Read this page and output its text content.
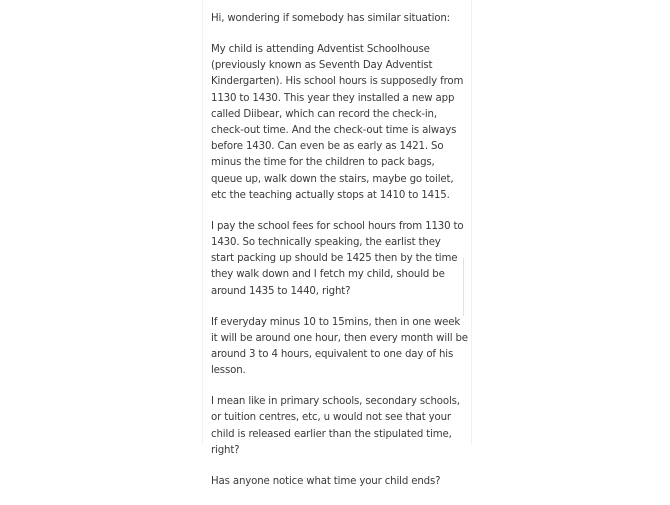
Hi, wondering if somebody has similar situation:

My child is attending Adventist Schoolhouse
(previously known as Seventh Day Adventist
Kindergarten). His school hours is supposedly from
1130 to 1430. This year they installed a new app
called Diibear, which can record the check-in,
check-out time. And the check-out time is always
before 1430. Can even be as early as 1421. So
minus the time for the children to pack bags,
queue up, walk down the stairs, maybe go toilet,
etc the teaching actually stops at 1410 to 1415.

I pay the school fees for school hours from 1130 to
1430. So technically speaking, the earlist they
start packing up should be 1425 then by the time
they walk down and I fetch my child, should be
around 1435 to 1440, right?

If everyday minus 10 to 15mins, then in one week
it will be around one hour, then every month will be
around 3 to 4 hours, equivalent to one day of his
lesson.

I mean like in primary schools, secondary schools,
or tuition centres, etc, u would not see that your
child is released earlier than the stipulated time,
right?

Has anyone notice what time your child ends?
